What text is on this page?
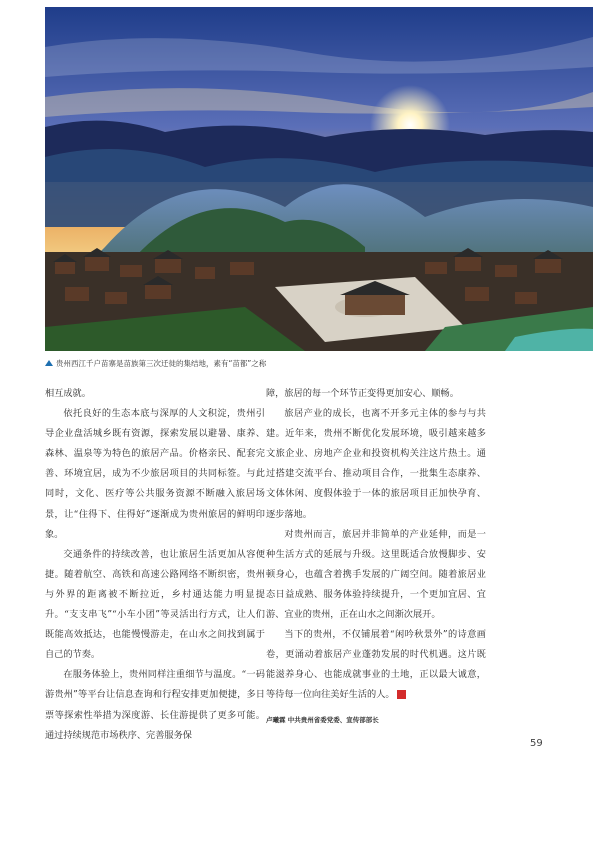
贵州西江千户苗寨是苗族第三次迁徙的集结地，素有“苗都”之称

相互成就。

依托良好的生态本底与深厚的人文积淀，贵州引导企业盘活城乡既有资源，探索发展以避暑、康养、森林、温泉等为特色的旅居产品。价格亲民、配套完善、环境宜居，成为不少旅居项目的共同标签。与此同时，文化、医疗等公共服务资源不断融入旅居场景，让“住得下、住得好”逐渐成为贵州旅居的鲜明印象。

交通条件的持续改善，也让旅居生活更加从容便捷。随着航空、高铁和高速公路网络不断织密，贵州与外界的距离被不断拉近，乡村通达能力明显提升。“支支串飞”“小车小团”等灵活出行方式，让人们既能高效抵达，也能慢慢游走，在山水之间找到属于自己的节奏。

在服务体验上，贵州同样注重细节与温度。“一码游贵州”等平台让信息查询和行程安排更加便捷，多日票等探索性举措为深度游、长住游提供了更多可能。通过持续规范市场秩序、完善服务保

障，旅居的每一个环节正变得更加安心、顺畅。

旅居产业的成长，也离不开多元主体的参与与共建。近年来，贵州不断优化发展环境，吸引越来越多文旅企业、房地产企业和投资机构关注这片热土。通过搭建交流平台、推动项目合作，一批集生态康养、文体休闲、度假体验于一体的旅居项目正加快孕育、逐步落地。

对贵州而言，旅居并非简单的产业延伸，而是一种生活方式的延展与升级。这里既适合放慢脚步、安顿身心，也蕴含着携手发展的广阔空间。随着旅居业态日益成熟、服务体验持续提升，一个更加宜居、宜游、宜业的贵州，正在山水之间渐次展开。

当下的贵州，不仅铺展着“闲吟秋景外”的诗意画卷，更涌动着旅居产业蓬勃发展的时代机遇。这片既能滋养身心、也能成就事业的土地，正以最大诚意，等待每一位向往美好生活的人。	▲

卢曦霖 中共贵州省委党委、宣传部部长

59
